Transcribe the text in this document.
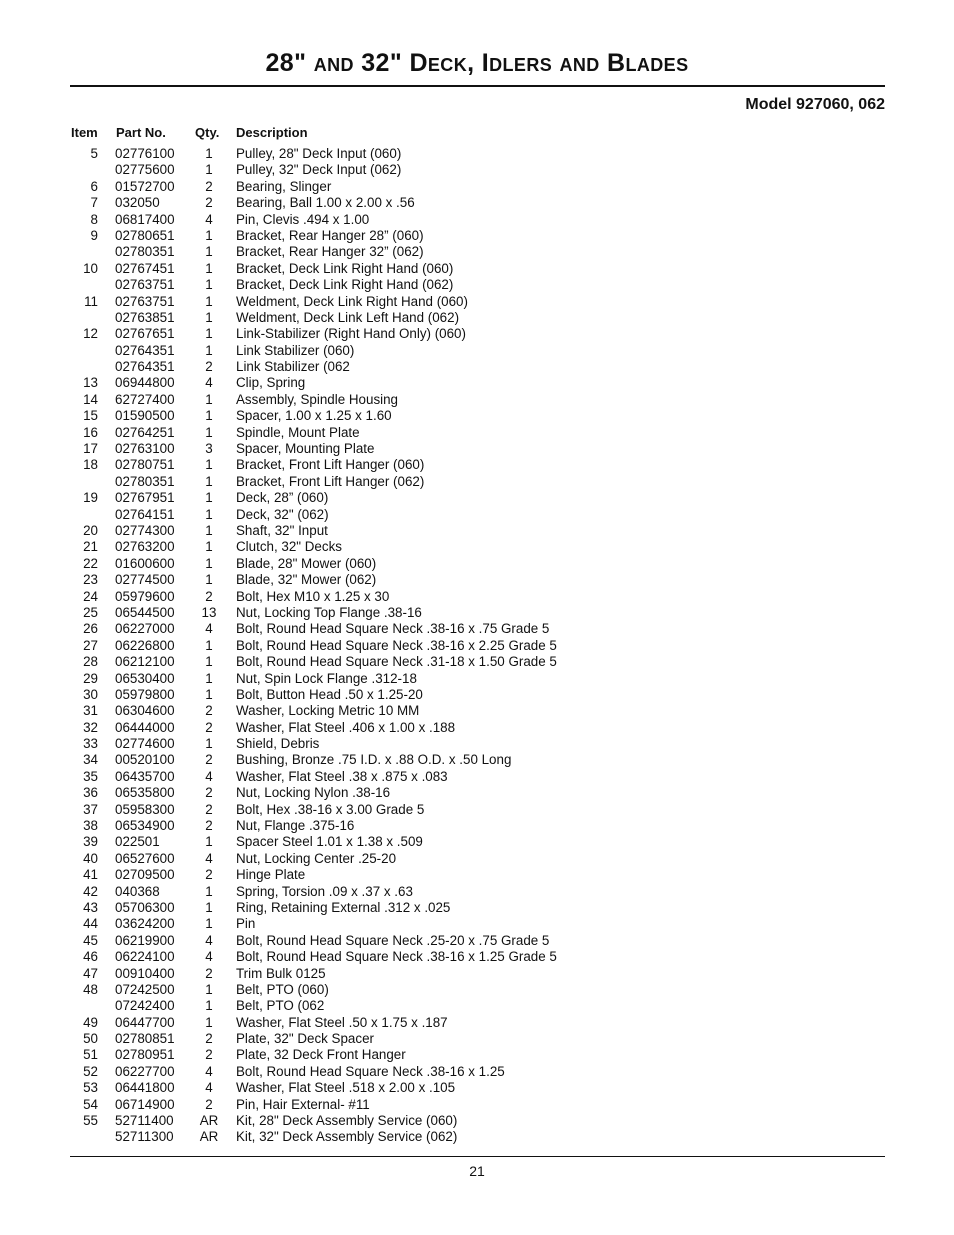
28" and 32" Deck, Idlers and Blades
Model 927060, 062
Item Part No. Qty. Description
5 02776100	1	Pulley, 28" Deck Input (060)
02775600	1	Pulley, 32" Deck Input (062)
6 01572700	2	Bearing, Slinger
7 032050	2	Bearing, Ball 1.00 x 2.00 x .56
8 06817400	4	Pin, Clevis .494 x 1.00
9 02780651	1	Bracket, Rear Hanger 28” (060)
02780351	1	Bracket, Rear Hanger 32” (062)
10 02767451	1	Bracket, Deck Link Right Hand (060)
02763751	1	Bracket, Deck Link Right Hand (062)
11 02763751	1	Weldment, Deck Link Right Hand (060)
02763851	1	Weldment, Deck Link Left Hand (062)
12 02767651	1	Link-Stabilizer (Right Hand Only) (060)
02764351	1	Link Stabilizer (060)
02764351	2	Link Stabilizer (062
13 06944800	4	Clip, Spring
14 62727400	1	Assembly, Spindle Housing
15 01590500	1	Spacer, 1.00 x 1.25 x 1.60
16 02764251	1	Spindle, Mount Plate
17 02763100	3	Spacer, Mounting Plate
18 02780751	1	Bracket, Front Lift Hanger (060)
02780351	1	Bracket, Front Lift Hanger (062)
19 02767951	1	Deck, 28” (060)
02764151	1	Deck, 32" (062)
20 02774300	1	Shaft, 32" Input
21 02763200	1	Clutch, 32" Decks
22 01600600	1	Blade, 28" Mower (060)
23 02774500	1	Blade, 32" Mower (062)
24 05979600	2	Bolt, Hex M10 x 1.25 x 30
25 06544500	13	Nut, Locking Top Flange .38-16
26 06227000	4	Bolt, Round Head Square Neck .38-16 x .75 Grade 5
27 06226800	1	Bolt, Round Head Square Neck .38-16 x 2.25 Grade 5
28 06212100	1	Bolt, Round Head Square Neck .31-18 x 1.50 Grade 5
29 06530400	1	Nut, Spin Lock Flange .312-18
30 05979800	1	Bolt, Button Head .50 x 1.25-20
31 06304600	2	Washer, Locking Metric 10 MM
32 06444000	2	Washer, Flat Steel .406 x 1.00 x .188
33 02774600	1	Shield, Debris
34 00520100	2	Bushing, Bronze .75 I.D. x .88 O.D. x .50 Long
35 06435700	4	Washer, Flat Steel .38 x .875 x .083
36 06535800	2	Nut, Locking Nylon .38-16
37 05958300	2	Bolt, Hex .38-16 x 3.00 Grade 5
38 06534900	2	Nut, Flange .375-16
39 022501	1	Spacer Steel 1.01 x 1.38 x .509
40 06527600	4	Nut, Locking Center .25-20
41 02709500	2	Hinge Plate
42 040368	1	Spring, Torsion .09 x .37 x .63
43 05706300	1	Ring, Retaining External .312 x .025
44 03624200	1	Pin
45 06219900	4	Bolt, Round Head Square Neck .25-20 x .75 Grade 5
46 06224100	4	Bolt, Round Head Square Neck .38-16 x 1.25 Grade 5
47 00910400	2	Trim Bulk 0125
48 07242500	1	Belt, PTO (060)
07242400	1	Belt, PTO (062
49 06447700	1	Washer, Flat Steel .50 x 1.75 x .187
50 02780851	2	Plate, 32" Deck Spacer
51 02780951	2	Plate, 32 Deck Front Hanger
52 06227700	4	Bolt, Round Head Square Neck .38-16 x 1.25
53 06441800	4	Washer, Flat Steel .518 x 2.00 x .105
54 06714900	2	Pin, Hair External- #11
55 52711400 AR Kit, 28" Deck Assembly Service (060)
52711300 AR Kit, 32" Deck Assembly Service (062)
21
